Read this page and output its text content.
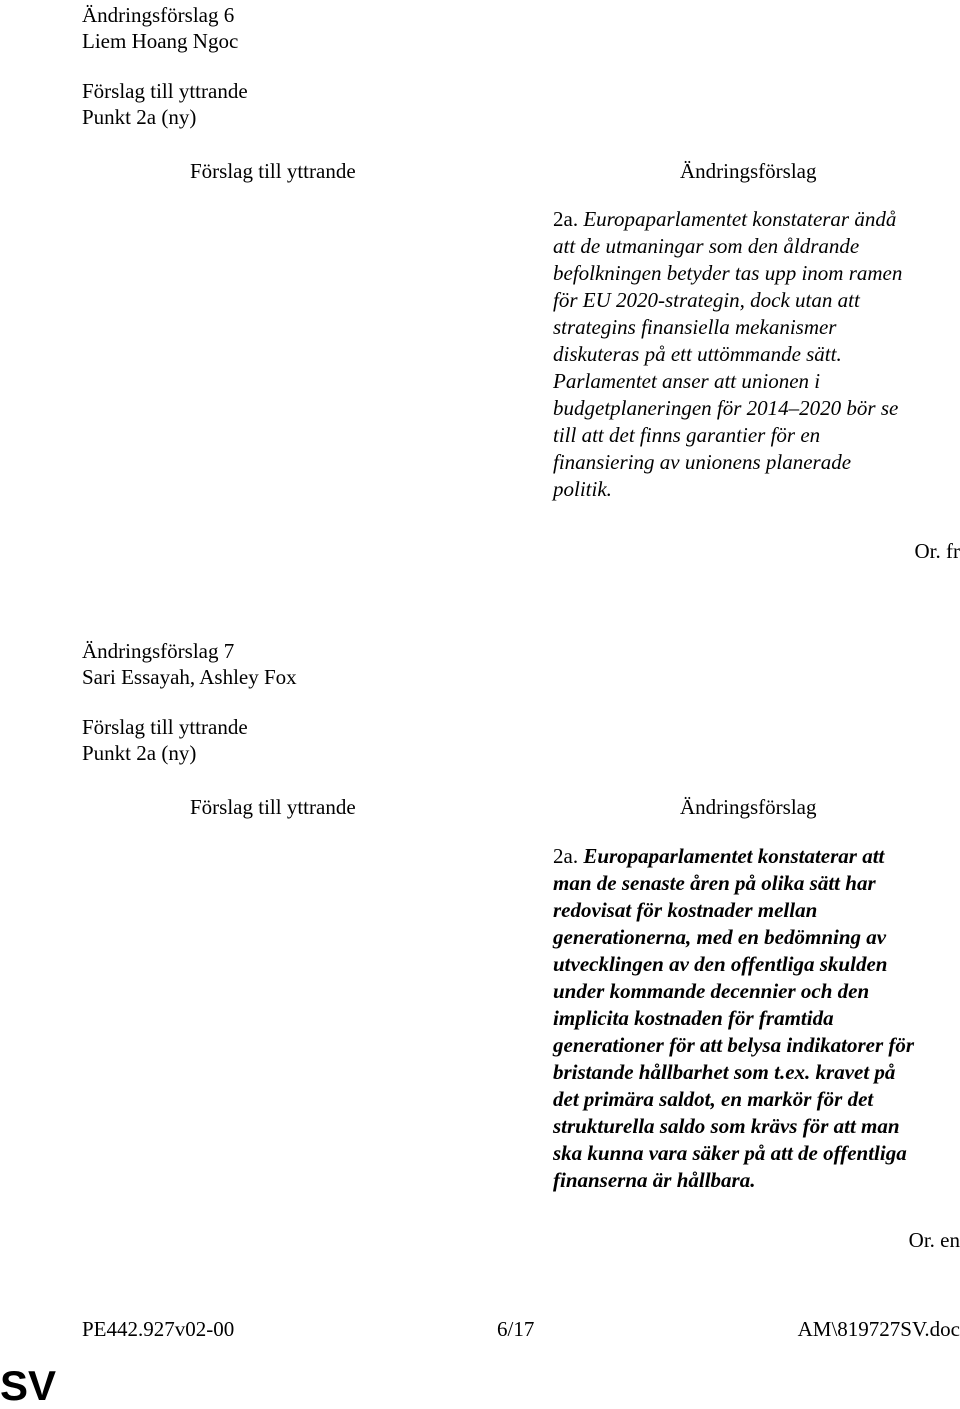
Ändringsförslag 6
Liem Hoang Ngoc
Förslag till yttrande
Punkt 2a (ny)
Förslag till yttrande	Ändringsförslag
2a. Europaparlamentet konstaterar ändå
att de utmaningar som den åldrande
befolkningen betyder tas upp inom ramen
för EU 2020-strategin, dock utan att
strategins finansiella mekanismer
diskuteras på ett uttömmande sätt.
Parlamentet anser att unionen i
budgetplaneringen för 2014–2020 bör se
till att det finns garantier för en
finansiering av unionens planerade
politik.
Or. fr
Ändringsförslag 7
Sari Essayah, Ashley Fox
Förslag till yttrande
Punkt 2a (ny)
Förslag till yttrande	Ändringsförslag
2a. Europaparlamentet konstaterar att
man de senaste åren på olika sätt har
redovisat för kostnader mellan
generationerna, med en bedömning av
utvecklingen av den offentliga skulden
under kommande decennier och den
implicita kostnaden för framtida
generationer för att belysa indikatorer för
bristande hållbarhet som t.ex. kravet på
det primära saldot, en markör för det
strukturella saldo som krävs för att man
ska kunna vara säker på att de offentliga
finanserna är hållbara.
Or. en
PE442.927v02-00	6/17	AM\819727SV.doc
SV
